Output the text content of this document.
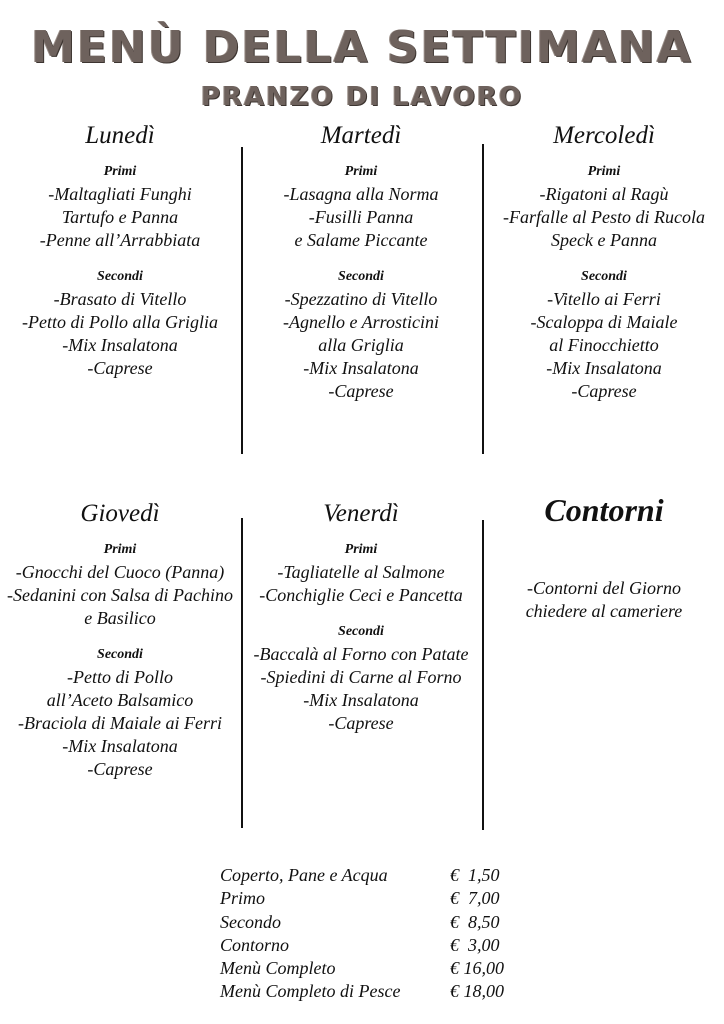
MENÙ DELLA SETTIMANA
PRANZO DI LAVORO
Lunedì
Primi
-Maltagliati Funghi
Tartufo e Panna
-Penne all’Arrabbiata
Secondi
-Brasato di Vitello
-Petto di Pollo alla Griglia
-Mix Insalatona
-Caprese
Martedì
Primi
-Lasagna alla Norma
-Fusilli Panna
e Salame Piccante
Secondi
-Spezzatino di Vitello
-Agnello e Arrosticini
alla Griglia
-Mix Insalatona
-Caprese
Mercoledì
Primi
-Rigatoni al Ragù
-Farfalle al Pesto di Rucola
Speck e Panna
Secondi
-Vitello ai Ferri
-Scaloppa di Maiale
al Finocchietto
-Mix Insalatona
-Caprese
Giovedì
Primi
-Gnocchi del Cuoco (Panna)
-Sedanini con Salsa di Pachino
e Basilico
Secondi
-Petto di Pollo
all’Aceto Balsamico
-Braciola di Maiale ai Ferri
-Mix Insalatona
-Caprese
Venerdì
Primi
-Tagliatelle al Salmone
-Conchiglie Ceci e Pancetta
Secondi
-Baccalà al Forno con Patate
-Spiedini di Carne al Forno
-Mix Insalatona
-Caprese
Contorni
-Contorni del Giorno
chiedere al cameriere
Coperto, Pane e Acqua	€  1,50
Primo	€  7,00
Secondo	€  8,50
Contorno	€  3,00
Menù Completo	€ 16,00
Menù Completo di Pesce	€ 18,00
